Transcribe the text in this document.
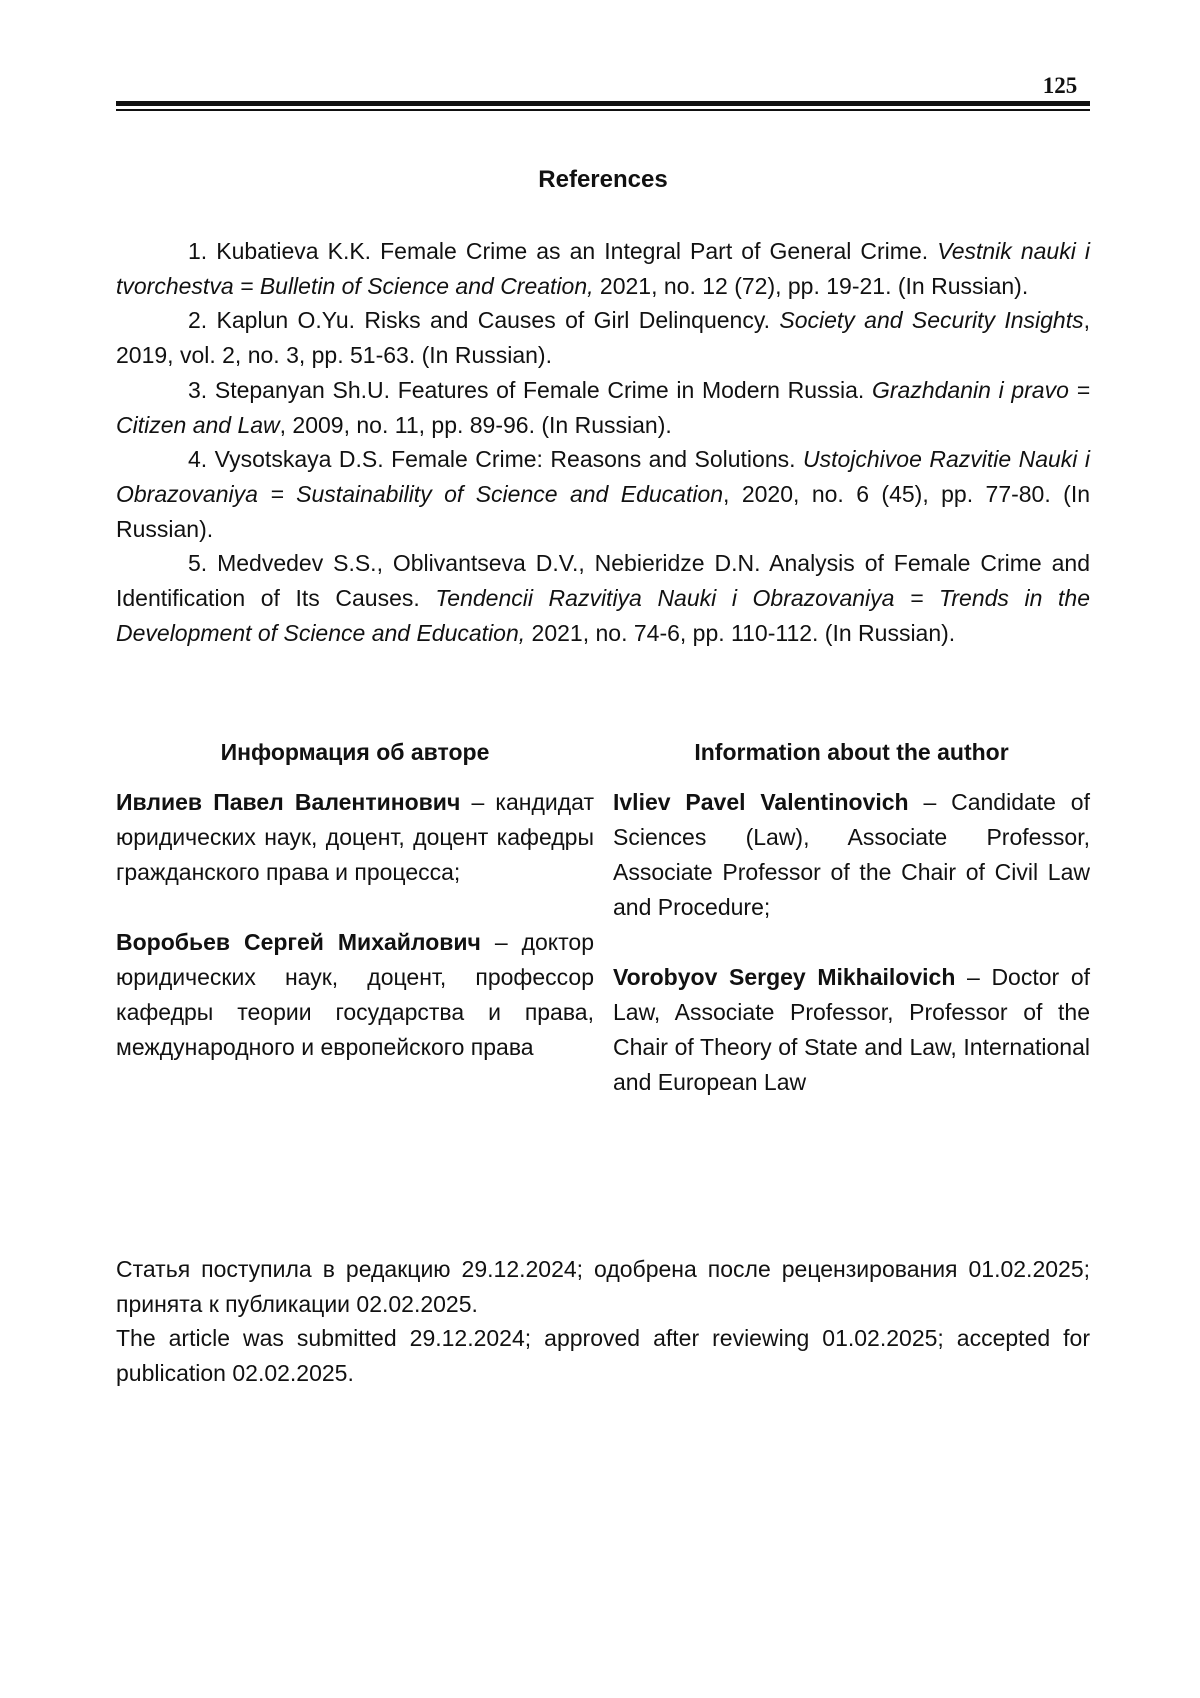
125
References

1. Kubatieva K.K. Female Crime as an Integral Part of General Crime. Vestnik nauki i tvorchestva = Bulletin of Science and Creation, 2021, no. 12 (72), pp. 19-21. (In Russian).

2. Kaplun O.Yu. Risks and Causes of Girl Delinquency. Society and Security Insights, 2019, vol. 2, no. 3, pp. 51-63. (In Russian).

3. Stepanyan Sh.U. Features of Female Crime in Modern Russia. Grazhdanin i pravo = Citizen and Law, 2009, no. 11, pp. 89-96. (In Russian).

4. Vysotskaya D.S. Female Crime: Reasons and Solutions. Ustojchivoe Razvitie Nauki i Obrazovaniya = Sustainability of Science and Education, 2020, no. 6 (45), pp. 77-80. (In Russian).

5. Medvedev S.S., Oblivantseva D.V., Nebieridze D.N. Analysis of Female Crime and Identification of Its Causes. Tendencii Razvitiya Nauki i Obrazovaniya = Trends in the Development of Science and Education, 2021, no. 74-6, pp. 110-112. (In Russian).

Информация об авторе

Ивлиев Павел Валентинович – кандидат юридических наук, доцент, доцент кафедры гражданского права и процесса;

Воробьев Сергей Михайлович – доктор юридических наук, доцент, профессор кафедры теории государства и права, международного и европейского права

Information about the author

Ivliev Pavel Valentinovich – Candidate of Sciences (Law), Associate Professor, Associate Professor of the Chair of Civil Law and Procedure;

Vorobyov Sergey Mikhailovich – Doctor of Law, Associate Professor, Professor of the Chair of Theory of State and Law, International and European Law

Статья поступила в редакцию 29.12.2024; одобрена после рецензирования 01.02.2025; принята к публикации 02.02.2025.

The article was submitted 29.12.2024; approved after reviewing 01.02.2025; accepted for publication 02.02.2025.
